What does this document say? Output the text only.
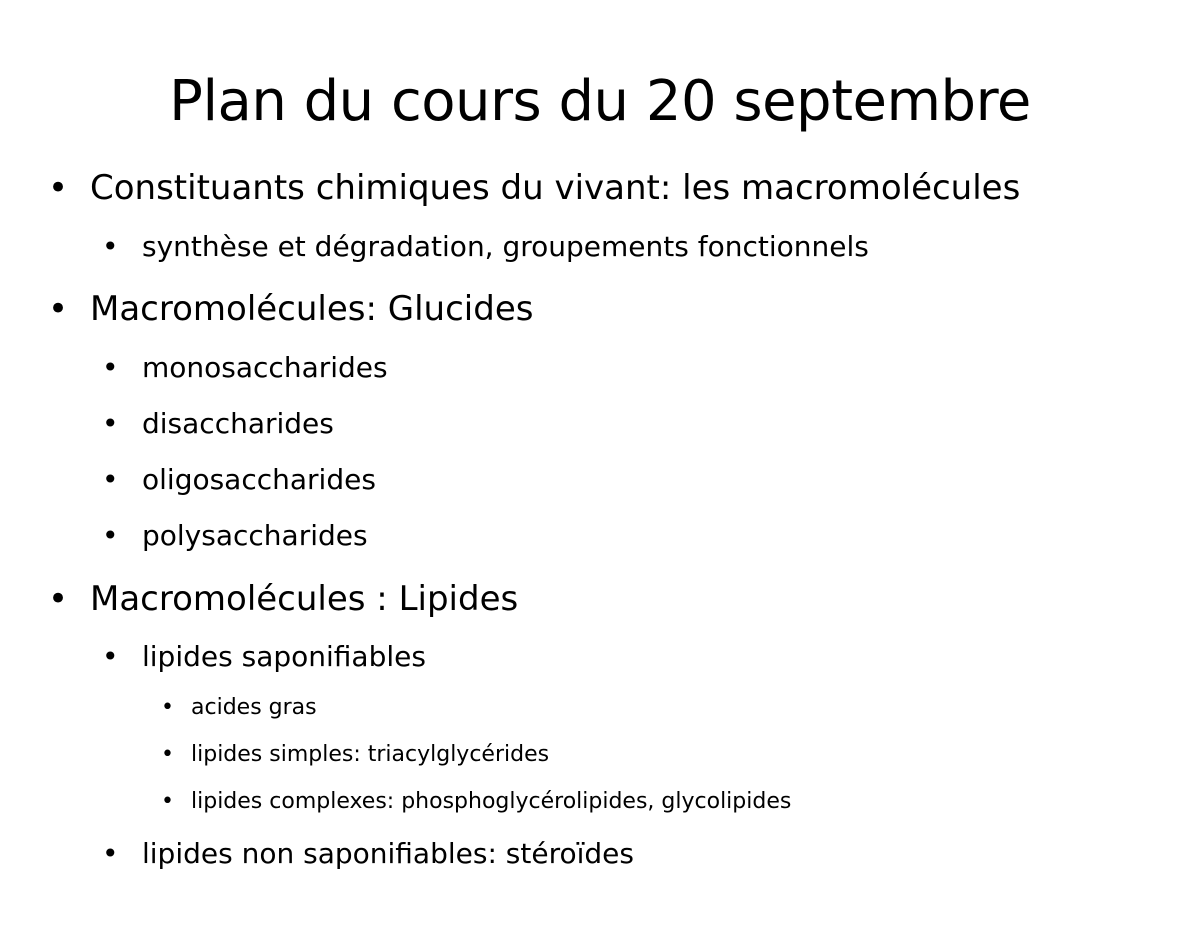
Plan du cours du 20 septembre
• Constituants chimiques du vivant: les macromolécules
• synthèse et dégradation, groupements fonctionnels
• Macromolécules: Glucides
• monosaccharides
• disaccharides
• oligosaccharides
• polysaccharides
• Macromolécules : Lipides
• lipides saponifiables
• acides gras
• lipides simples: triacylglycérides
• lipides complexes: phosphoglycérolipides, glycolipides
• lipides non saponifiables: stéroïdes
